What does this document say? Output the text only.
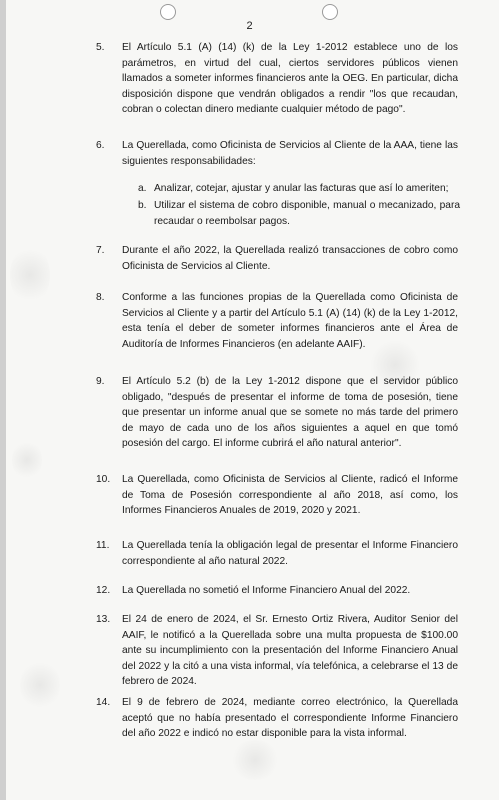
2
5. El Artículo 5.1 (A) (14) (k) de la Ley 1-2012 establece uno de los parámetros, en virtud del cual, ciertos servidores públicos vienen llamados a someter informes financieros ante la OEG. En particular, dicha disposición dispone que vendrán obligados a rendir "los que recaudan, cobran o colectan dinero mediante cualquier método de pago".
6. La Querellada, como Oficinista de Servicios al Cliente de la AAA, tiene las siguientes responsabilidades:
a. Analizar, cotejar, ajustar y anular las facturas que así lo ameriten;
b. Utilizar el sistema de cobro disponible, manual o mecanizado, para recaudar o reembolsar pagos.
7. Durante el año 2022, la Querellada realizó transacciones de cobro como Oficinista de Servicios al Cliente.
8. Conforme a las funciones propias de la Querellada como Oficinista de Servicios al Cliente y a partir del Artículo 5.1 (A) (14) (k) de la Ley 1-2012, esta tenía el deber de someter informes financieros ante el Área de Auditoría de Informes Financieros (en adelante AAIF).
9. El Artículo 5.2 (b) de la Ley 1-2012 dispone que el servidor público obligado, "después de presentar el informe de toma de posesión, tiene que presentar un informe anual que se somete no más tarde del primero de mayo de cada uno de los años siguientes a aquel en que tomó posesión del cargo. El informe cubrirá el año natural anterior".
10. La Querellada, como Oficinista de Servicios al Cliente, radicó el Informe de Toma de Posesión correspondiente al año 2018, así como, los Informes Financieros Anuales de 2019, 2020 y 2021.
11. La Querellada tenía la obligación legal de presentar el Informe Financiero correspondiente al año natural 2022.
12. La Querellada no sometió el Informe Financiero Anual del 2022.
13. El 24 de enero de 2024, el Sr. Ernesto Ortiz Rivera, Auditor Senior del AAIF, le notificó a la Querellada sobre una multa propuesta de $100.00 ante su incumplimiento con la presentación del Informe Financiero Anual del 2022 y la citó a una vista informal, vía telefónica, a celebrarse el 13 de febrero de 2024.
14. El 9 de febrero de 2024, mediante correo electrónico, la Querellada aceptó que no había presentado el correspondiente Informe Financiero del año 2022 e indicó no estar disponible para la vista informal.
